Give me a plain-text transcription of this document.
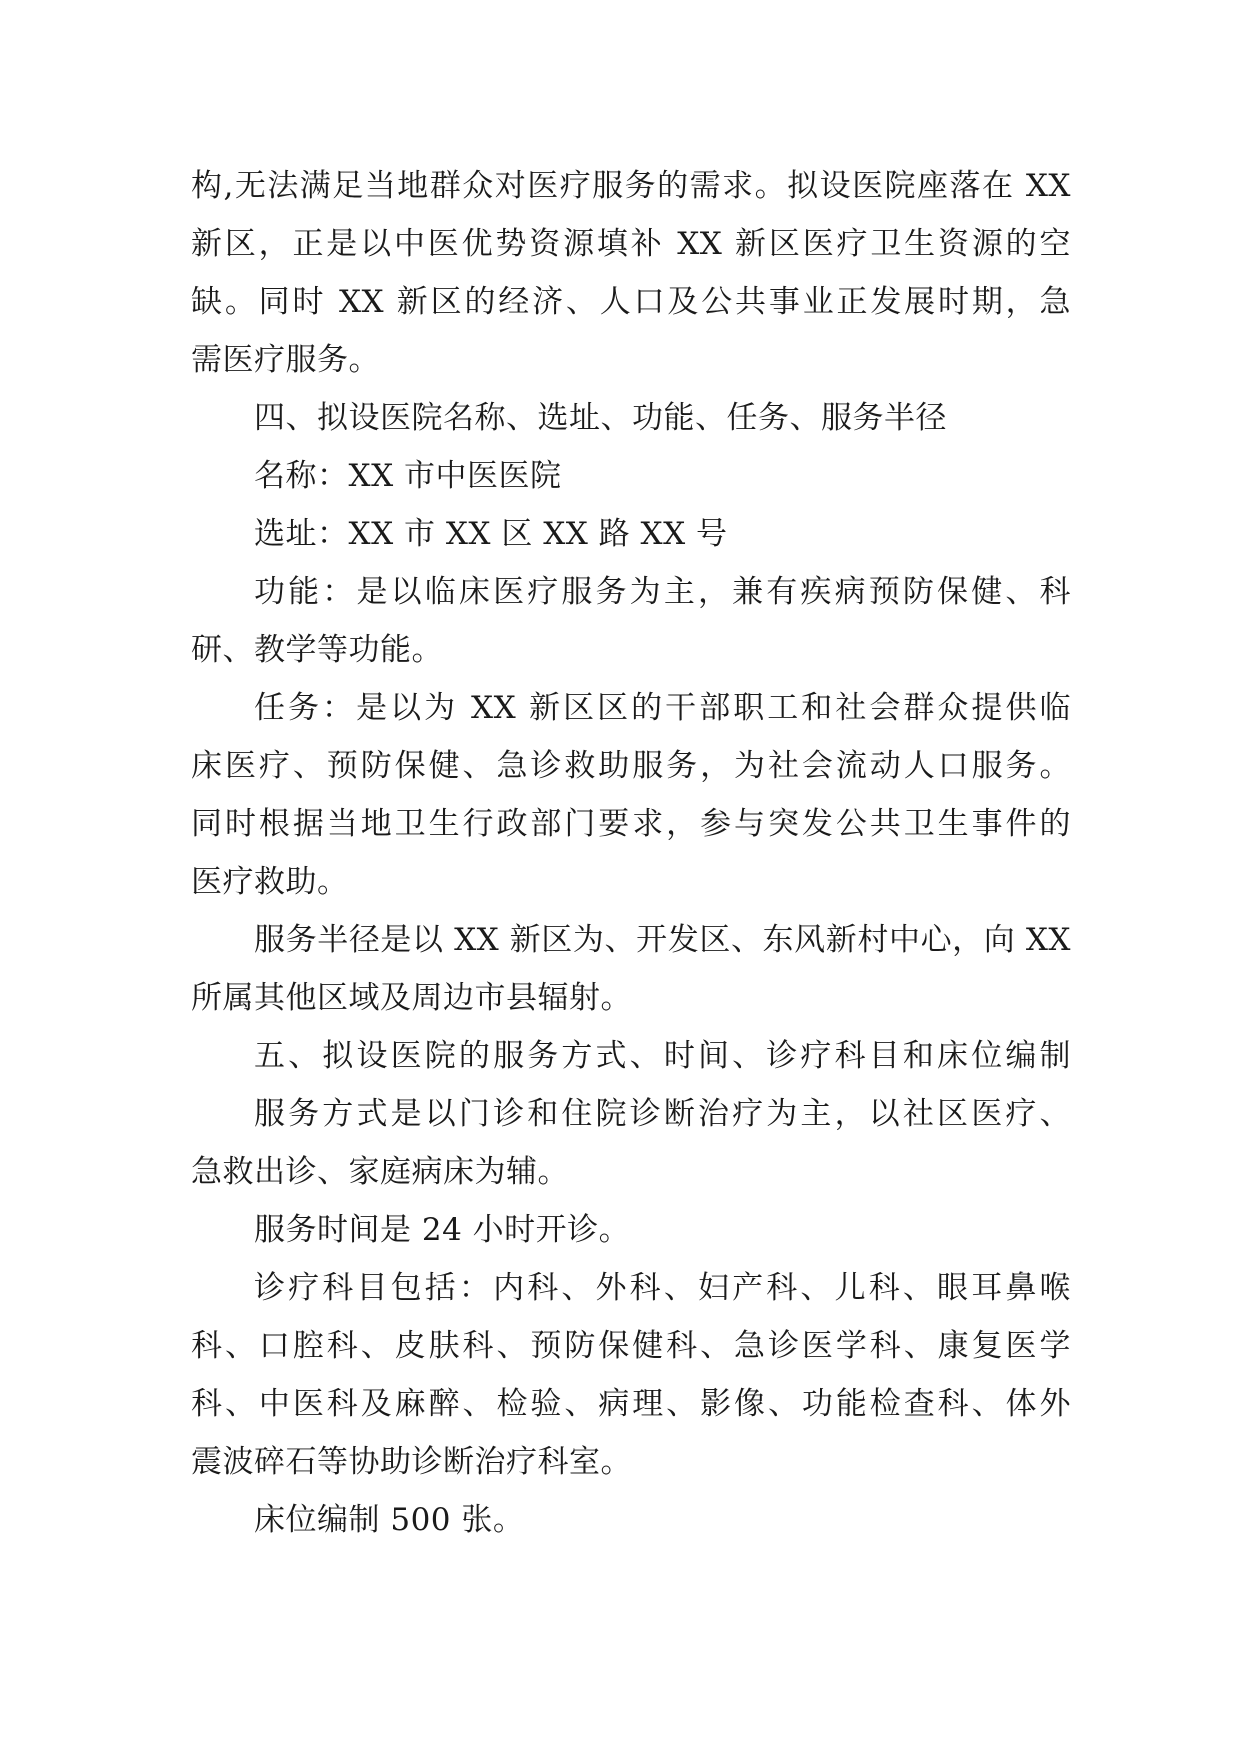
构,无法满足当地群众对医疗服务的需求。拟设医院座落在 XX
新区，正是以中医优势资源填补 XX 新区医疗卫生资源的空
缺。同时 XX 新区的经济、人口及公共事业正发展时期，急
需医疗服务。
四、拟设医院名称、选址、功能、任务、服务半径
名称：XX 市中医医院
选址：XX 市 XX 区 XX 路 XX 号
功能：是以临床医疗服务为主，兼有疾病预防保健、科
研、教学等功能。
任务：是以为 XX 新区区的干部职工和社会群众提供临
床医疗、预防保健、急诊救助服务，为社会流动人口服务。
同时根据当地卫生行政部门要求，参与突发公共卫生事件的
医疗救助。
服务半径是以 XX 新区为、开发区、东风新村中心，向 XX
所属其他区域及周边市县辐射。
五、拟设医院的服务方式、时间、诊疗科目和床位编制
服务方式是以门诊和住院诊断治疗为主，以社区医疗、
急救出诊、家庭病床为辅。
服务时间是 24 小时开诊。
诊疗科目包括：内科、外科、妇产科、儿科、眼耳鼻喉
科、口腔科、皮肤科、预防保健科、急诊医学科、康复医学
科、中医科及麻醉、检验、病理、影像、功能检查科、体外
震波碎石等协助诊断治疗科室。
床位编制 500 张。
